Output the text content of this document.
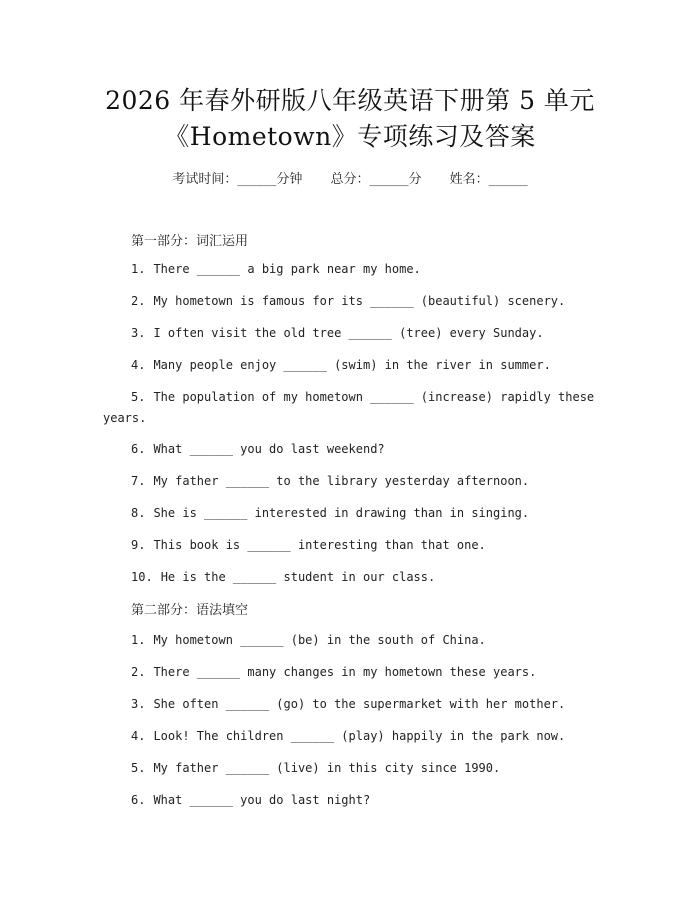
2026 年春外研版八年级英语下册第 5 单元
《Hometown》专项练习及答案
考试时间：______分钟 总分：______分 姓名：______
第一部分：词汇运用
1. There ______ a big park near my home.
2. My hometown is famous for its ______ (beautiful) scenery.
3. I often visit the old tree ______ (tree) every Sunday.
4. Many people enjoy ______ (swim) in the river in summer.
5. The population of my hometown ______ (increase) rapidly these
years.
6. What ______ you do last weekend?
7. My father ______ to the library yesterday afternoon.
8. She is ______ interested in drawing than in singing.
9. This book is ______ interesting than that one.
10. He is the ______ student in our class.
第二部分：语法填空
1. My hometown ______ (be) in the south of China.
2. There ______ many changes in my hometown these years.
3. She often ______ (go) to the supermarket with her mother.
4. Look! The children ______ (play) happily in the park now.
5. My father ______ (live) in this city since 1990.
6. What ______ you do last night?
